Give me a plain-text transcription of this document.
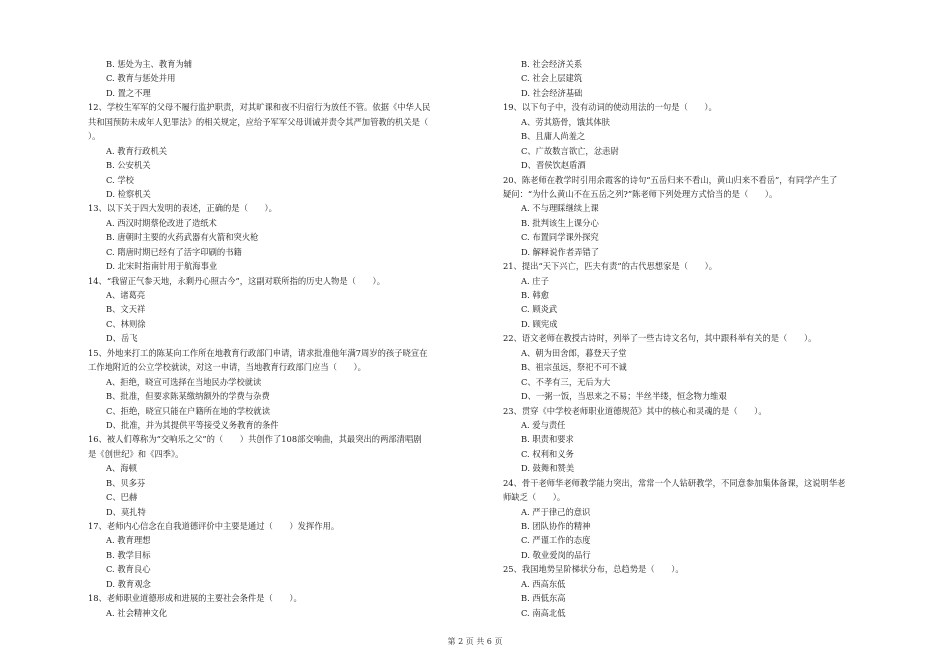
B. 惩处为主、教育为辅
C. 教育与惩处并用
D. 置之不理
12、学校生军军的父母不履行监护职责，对其旷课和夜不归宿行为放任不管。依据《中华人民
共和国预防未成年人犯罪法》的相关规定，应给予军军父母训诫并责令其严加管教的机关是（
）。
A. 教育行政机关
B. 公安机关
C. 学校
D. 检察机关
13、以下关于四大发明的表述，正确的是（　　）。
A. 西汉时期蔡伦改进了造纸术
B. 唐朝时主要的火药武器有火箭和突火枪
C. 隋唐时期已经有了活字印刷的书籍
D. 北宋时指南针用于航海事业
14、“我留正气参天地，永剩丹心照古今”，这副对联所指的历史人物是（　　）。
A、诸葛亮
B、文天祥
C、林则徐
D、岳飞
15、外地来打工的陈某向工作所在地教育行政部门申请，请求批准他年满7周岁的孩子晓宣在
工作地附近的公立学校就读，对这一申请，当地教育行政部门应当（　　）。
A、拒绝，晓宣可选择在当地民办学校就读
B、批准，但要求陈某缴纳额外的学费与杂费
C、拒绝，晓宣只能在户籍所在地的学校就读
D、批准，并为其提供平等接受义务教育的条件
16、被人们尊称为“交响乐之父”的（　　）共创作了108部交响曲，其最突出的两部清唱剧
是《创世纪》和《四季》。
A、海顿
B、贝多芬
C、巴赫
D、莫扎特
17、老师内心信念在自我道德评价中主要是通过（　　）发挥作用。
A. 教育理想
B. 教学目标
C. 教育良心
D. 教育观念
18、老师职业道德形成和进展的主要社会条件是（　　）。
A. 社会精神文化
B. 社会经济关系
C. 社会上层建筑
D. 社会经济基础
19、以下句子中，没有动词的使动用法的一句是（　　）。
A、劳其筋骨，饿其体肤
B、且庸人尚羞之
C、广故数言欲亡，忿恚尉
D、晋侯饮赵盾酒
20、陈老师在教学时引用余霞客的诗句“五岳归来不看山，黄山归来不看岳”，有同学产生了
疑问：“为什么黄山不在五岳之列?”陈老师下列处理方式恰当的是（　　）。
A. 不与理睬继续上课
B. 批判该生上课分心
C. 布置同学课外探究
D. 解释说作者弄错了
21、提出“天下兴亡，匹夫有责”的古代思想家是（　　）。
A. 庄子
B. 韩愈
C. 顾炎武
D. 顾宪成
22、语文老师在教授古诗时，列举了一些古诗文名句，其中跟科举有关的是（　　）。
A、朝为田舍郎，暮登天子堂
B、祖宗虽远，祭祀不可不诚
C、不孝有三，无后为大
D、一粥一饭，当思来之不易；半丝半缕，恒念物力维艰
23、贯穿《中学校老师职业道德规范》其中的核心和灵魂的是（　　）。
A. 爱与责任
B. 职责和要求
C. 权利和义务
D. 鼓舞和赞美
24、骨干老师华老师教学能力突出，常常一个人钻研教学，不同意参加集体备课，这说明华老
师缺乏（　　）。
A. 严于律己的意识
B. 团队协作的精神
C. 严谨工作的态度
D. 敬业爱岗的品行
25、我国地势呈阶梯状分布，总趋势是（　　）。
A. 西高东低
B. 西低东高
C. 南高北低
第 2 页 共 6 页
